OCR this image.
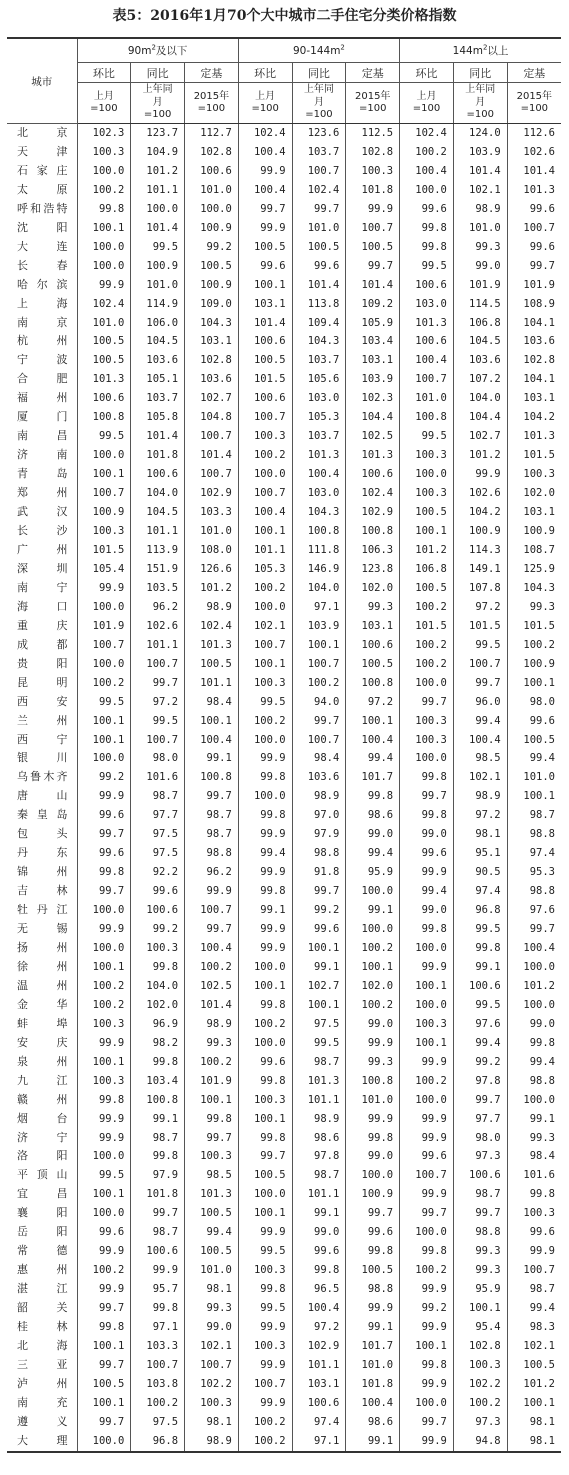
表5：2016年1月70个大中城市二手住宅分类价格指数
城市	$90m^2$及以下			$90-144m^2$			$144m^2$以上		
	环比	同比	定基	环比	同比	定基	环比	同比	定基
	上月=100	上年同月=100	2015年=100	上月=100	上年同月=100	2015年=100	上月=100	上年同月=100	2015年=100
北京	102.3	123.7	112.7	102.4	123.6	112.5	102.4	124.0	112.6
天津	100.3	104.9	102.8	100.4	103.7	102.8	100.2	103.9	102.6
石家庄	100.0	101.2	100.6	99.9	100.7	100.3	100.4	101.4	101.4
太原	100.2	101.1	101.0	100.4	102.4	101.8	100.0	102.1	101.3
呼和浩特	99.8	100.0	100.0	99.7	99.7	99.9	99.6	98.9	99.6
沈阳	100.1	101.4	100.9	99.9	101.0	100.7	99.8	101.0	100.7
大连	100.0	99.5	99.2	100.5	100.5	100.5	99.8	99.3	99.6
长春	100.0	100.9	100.5	99.6	99.6	99.7	99.5	99.0	99.7
哈尔滨	99.9	101.0	100.9	100.1	101.4	101.4	100.6	101.9	101.9
上海	102.4	114.9	109.0	103.1	113.8	109.2	103.0	114.5	108.9
南京	101.0	106.0	104.3	101.4	109.4	105.9	101.3	106.8	104.1
杭州	100.5	104.5	103.1	100.6	104.3	103.4	100.6	104.5	103.6
宁波	100.5	103.6	102.8	100.5	103.7	103.1	100.4	103.6	102.8
合肥	101.3	105.1	103.6	101.5	105.6	103.9	100.7	107.2	104.1
福州	100.6	103.7	102.7	100.6	103.0	102.3	101.0	104.0	103.1
厦门	100.8	105.8	104.8	100.7	105.3	104.4	100.8	104.4	104.2
南昌	99.5	101.4	100.7	100.3	103.7	102.5	99.5	102.7	101.3
济南	100.0	101.8	101.4	100.2	101.3	101.3	100.3	101.2	101.5
青岛	100.1	100.6	100.7	100.0	100.4	100.6	100.0	99.9	100.3
郑州	100.7	104.0	102.9	100.7	103.0	102.4	100.3	102.6	102.0
武汉	100.9	104.5	103.3	100.4	104.3	102.9	100.5	104.2	103.1
长沙	100.3	101.1	101.0	100.1	100.8	100.8	100.1	100.9	100.9
广州	101.5	113.9	108.0	101.1	111.8	106.3	101.2	114.3	108.7
深圳	105.4	151.9	126.6	105.3	146.9	123.8	106.8	149.1	125.9
南宁	99.9	103.5	101.2	100.2	104.0	102.0	100.5	107.8	104.3
海口	100.0	96.2	98.9	100.0	97.1	99.3	100.2	97.2	99.3
重庆	101.9	102.6	102.4	102.1	103.9	103.1	101.5	101.5	101.5
成都	100.7	101.1	101.3	100.7	100.1	100.6	100.2	99.5	100.2
贵阳	100.0	100.7	100.5	100.1	100.7	100.5	100.2	100.7	100.9
昆明	100.2	99.7	101.1	100.3	100.2	100.8	100.0	99.7	100.1
西安	99.5	97.2	98.4	99.5	94.0	97.2	99.7	96.0	98.0
兰州	100.1	99.5	100.1	100.2	99.7	100.1	100.3	99.4	99.6
西宁	100.1	100.7	100.4	100.0	100.7	100.4	100.3	100.4	100.5
银川	100.0	98.0	99.1	99.9	98.4	99.4	100.0	98.5	99.4
乌鲁木齐	99.2	101.6	100.8	99.8	103.6	101.7	99.8	102.1	101.0
唐山	99.9	98.7	99.7	100.0	98.9	99.8	99.7	98.9	100.1
秦皇岛	99.6	97.7	98.7	99.8	97.0	98.6	99.8	97.2	98.7
包头	99.7	97.5	98.7	99.9	97.9	99.0	99.0	98.1	98.8
丹东	99.6	97.5	98.8	99.4	98.8	99.4	99.6	95.1	97.4
锦州	99.8	92.2	96.2	99.9	91.8	95.9	99.9	90.5	95.3
吉林	99.7	99.6	99.9	99.8	99.7	100.0	99.4	97.4	98.8
牡丹江	100.0	100.6	100.7	99.1	99.2	99.1	99.0	96.8	97.6
无锡	99.9	99.2	99.7	99.9	99.6	100.0	99.8	99.5	99.7
扬州	100.0	100.3	100.4	99.9	100.1	100.2	100.0	99.8	100.4
徐州	100.1	99.8	100.2	100.0	99.1	100.1	99.9	99.1	100.0
温州	100.2	104.0	102.5	100.1	102.7	102.0	100.1	100.6	101.2
金华	100.2	102.0	101.4	99.8	100.1	100.2	100.0	99.5	100.0
蚌埠	100.3	96.9	98.9	100.2	97.5	99.0	100.3	97.6	99.0
安庆	99.9	98.2	99.3	100.0	99.5	99.9	100.1	99.4	99.8
泉州	100.1	99.8	100.2	99.6	98.7	99.3	99.9	99.2	99.4
九江	100.3	103.4	101.9	99.8	101.3	100.8	100.2	97.8	98.8
赣州	99.8	100.8	100.1	100.3	101.1	101.0	100.0	99.7	100.0
烟台	99.9	99.1	99.8	100.1	98.9	99.9	99.9	97.7	99.1
济宁	99.9	98.7	99.7	99.8	98.6	99.8	99.9	98.0	99.3
洛阳	100.0	99.8	100.3	99.7	97.8	99.0	99.6	97.3	98.4
平顶山	99.5	97.9	98.5	100.5	98.7	100.0	100.7	100.6	101.6
宜昌	100.1	101.8	101.3	100.0	101.1	100.9	99.9	98.7	99.8
襄阳	100.0	99.7	100.5	100.1	99.1	99.7	99.7	99.7	100.3
岳阳	99.6	98.7	99.4	99.9	99.0	99.6	100.0	98.8	99.6
常德	99.9	100.6	100.5	99.5	99.6	99.8	99.8	99.3	99.9
惠州	100.2	99.9	101.0	100.3	99.8	100.5	100.2	99.3	100.7
湛江	99.9	95.7	98.1	99.8	96.5	98.8	99.9	95.9	98.7
韶关	99.7	99.8	99.3	99.5	100.4	99.9	99.2	100.1	99.4
桂林	99.8	97.1	99.0	99.9	97.2	99.1	99.9	95.4	98.3
北海	100.1	103.3	102.1	100.3	102.9	101.7	100.1	102.8	102.1
三亚	99.7	100.7	100.7	99.9	101.1	101.0	99.8	100.3	100.5
泸州	100.5	103.8	102.2	100.7	103.1	101.8	99.9	102.2	101.2
南充	100.1	100.2	100.3	99.9	100.6	100.4	100.0	100.2	100.1
遵义	99.7	97.5	98.1	100.2	97.4	98.6	99.7	97.3	98.1
大理	100.0	96.8	98.9	100.2	97.1	99.1	99.9	94.8	98.1
